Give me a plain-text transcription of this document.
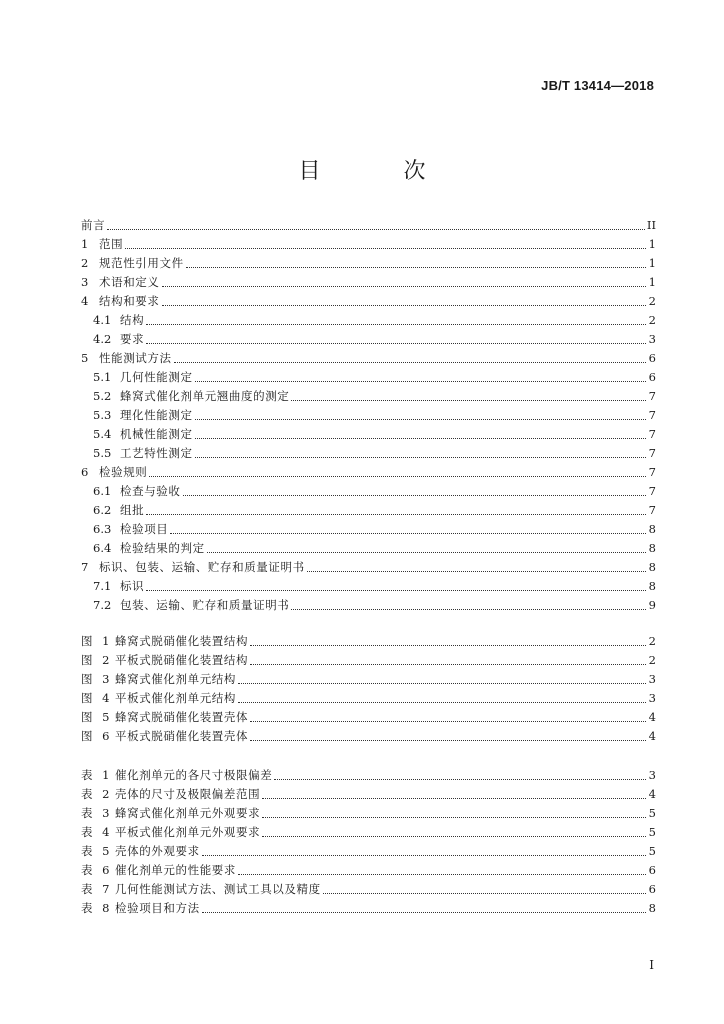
JB/T 13414—2018
目 次
前言	II
1 范围	1
2 规范性引用文件	1
3 术语和定义	1
4 结构和要求	2
4.1 结构	2
4.2 要求	3
5 性能测试方法	6
5.1 几何性能测定	6
5.2 蜂窝式催化剂单元翘曲度的测定	7
5.3 理化性能测定	7
5.4 机械性能测定	7
5.5 工艺特性测定	7
6 检验规则	7
6.1 检查与验收	7
6.2 组批	7
6.3 检验项目	8
6.4 检验结果的判定	8
7 标识、包装、运输、贮存和质量证明书	8
7.1 标识	8
7.2 包装、运输、贮存和质量证明书	9
图 1 蜂窝式脱硝催化装置结构	2
图 2 平板式脱硝催化装置结构	2
图 3 蜂窝式催化剂单元结构	3
图 4 平板式催化剂单元结构	3
图 5 蜂窝式脱硝催化装置壳体	4
图 6 平板式脱硝催化装置壳体	4
表 1 催化剂单元的各尺寸极限偏差	3
表 2 壳体的尺寸及极限偏差范围	4
表 3 蜂窝式催化剂单元外观要求	5
表 4 平板式催化剂单元外观要求	5
表 5 壳体的外观要求	5
表 6 催化剂单元的性能要求	6
表 7 几何性能测试方法、测试工具以及精度	6
表 8 检验项目和方法	8
I
